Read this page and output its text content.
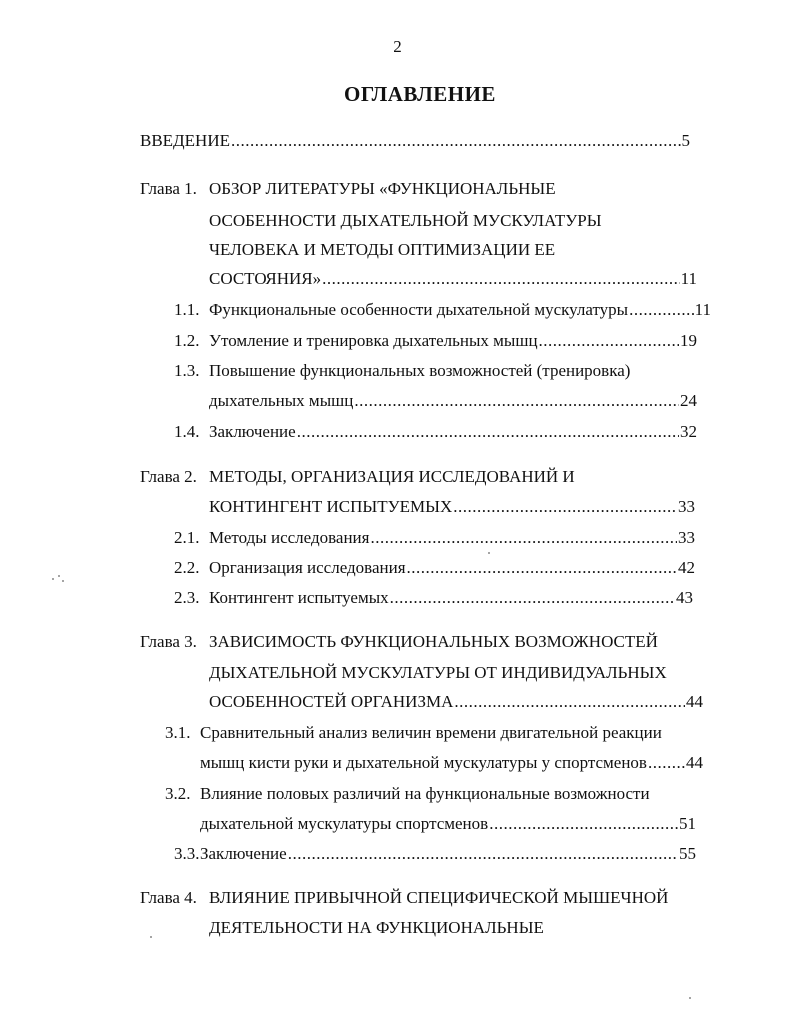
2
ОГЛАВЛЕНИЕ
ВВЕДЕНИЕ .....	5
Глава 1. ОБЗОР ЛИТЕРАТУРЫ «ФУНКЦИОНАЛЬНЫЕ
ОСОБЕННОСТИ ДЫХАТЕЛЬНОЙ МУСКУЛАТУРЫ
ЧЕЛОВЕКА И МЕТОДЫ ОПТИМИЗАЦИИ ЕЕ
СОСТОЯНИЯ» .....	11
1.1. Функциональные особенности дыхательной мускулатуры .....	11
1.2. Утомление и тренировка дыхательных мышц .....	19
1.3. Повышение функциональных возможностей (тренировка)
дыхательных мышц .....	24
1.4. Заключение .....	32
Глава 2. МЕТОДЫ, ОРГАНИЗАЦИЯ ИССЛЕДОВАНИЙ И
КОНТИНГЕНТ ИСПЫТУЕМЫХ .....	33
2.1. Методы исследования .....	33
2.2. Организация исследования .....	42
2.3. Контингент испытуемых .....	43
Глава 3. ЗАВИСИМОСТЬ ФУНКЦИОНАЛЬНЫХ ВОЗМОЖНОСТЕЙ
ДЫХАТЕЛЬНОЙ МУСКУЛАТУРЫ ОТ ИНДИВИДУАЛЬНЫХ
ОСОБЕННОСТЕЙ ОРГАНИЗМА .....	44
3.1. Сравнительный анализ величин времени двигательной реакции
мышц кисти руки и дыхательной мускулатуры у спортсменов ..... 44
3.2. Влияние половых различий на функциональные возможности
дыхательной мускулатуры спортсменов .....	51
3.3. Заключение .....	55
Глава 4. ВЛИЯНИЕ ПРИВЫЧНОЙ СПЕЦИФИЧЕСКОЙ МЫШЕЧНОЙ
ДЕЯТЕЛЬНОСТИ НА ФУНКЦИОНАЛЬНЫЕ
